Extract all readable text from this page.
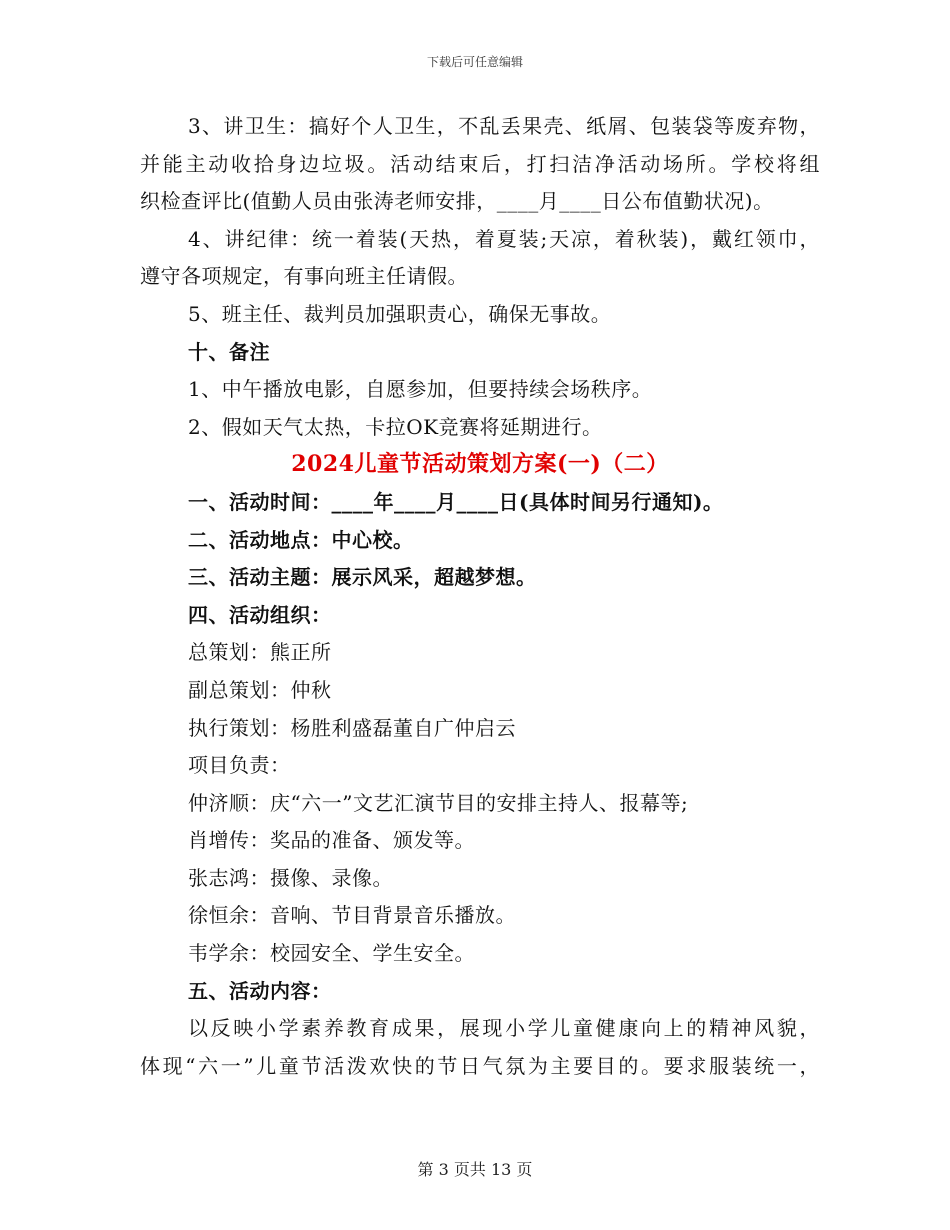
下载后可任意编辑
3、讲卫生：搞好个人卫生，不乱丢果壳、纸屑、包装袋等废弃物，
并能主动收拾身边垃圾。活动结束后，打扫洁净活动场所。学校将组
织检查评比(值勤人员由张涛老师安排，____月____日公布值勤状况)。
4、讲纪律：统一着装(天热，着夏装;天凉，着秋装)，戴红领巾，
遵守各项规定，有事向班主任请假。
5、班主任、裁判员加强职责心，确保无事故。
十、备注
1、中午播放电影，自愿参加，但要持续会场秩序。
2、假如天气太热，卡拉OK竞赛将延期进行。
2024儿童节活动策划方案(一)（二）
一、活动时间：____年____月____日(具体时间另行通知)。
二、活动地点：中心校。
三、活动主题：展示风采，超越梦想。
四、活动组织：
总策划：熊正所
副总策划：仲秋
执行策划：杨胜利盛磊董自广仲启云
项目负责：
仲济顺：庆“六一”文艺汇演节目的安排主持人、报幕等;
肖增传：奖品的准备、颁发等。
张志鸿：摄像、录像。
徐恒余：音响、节目背景音乐播放。
韦学余：校园安全、学生安全。
五、活动内容：
以反映小学素养教育成果，展现小学儿童健康向上的精神风貌，
体现“六一”儿童节活泼欢快的节日气氛为主要目的。要求服装统一，
第 3 页共 13 页
